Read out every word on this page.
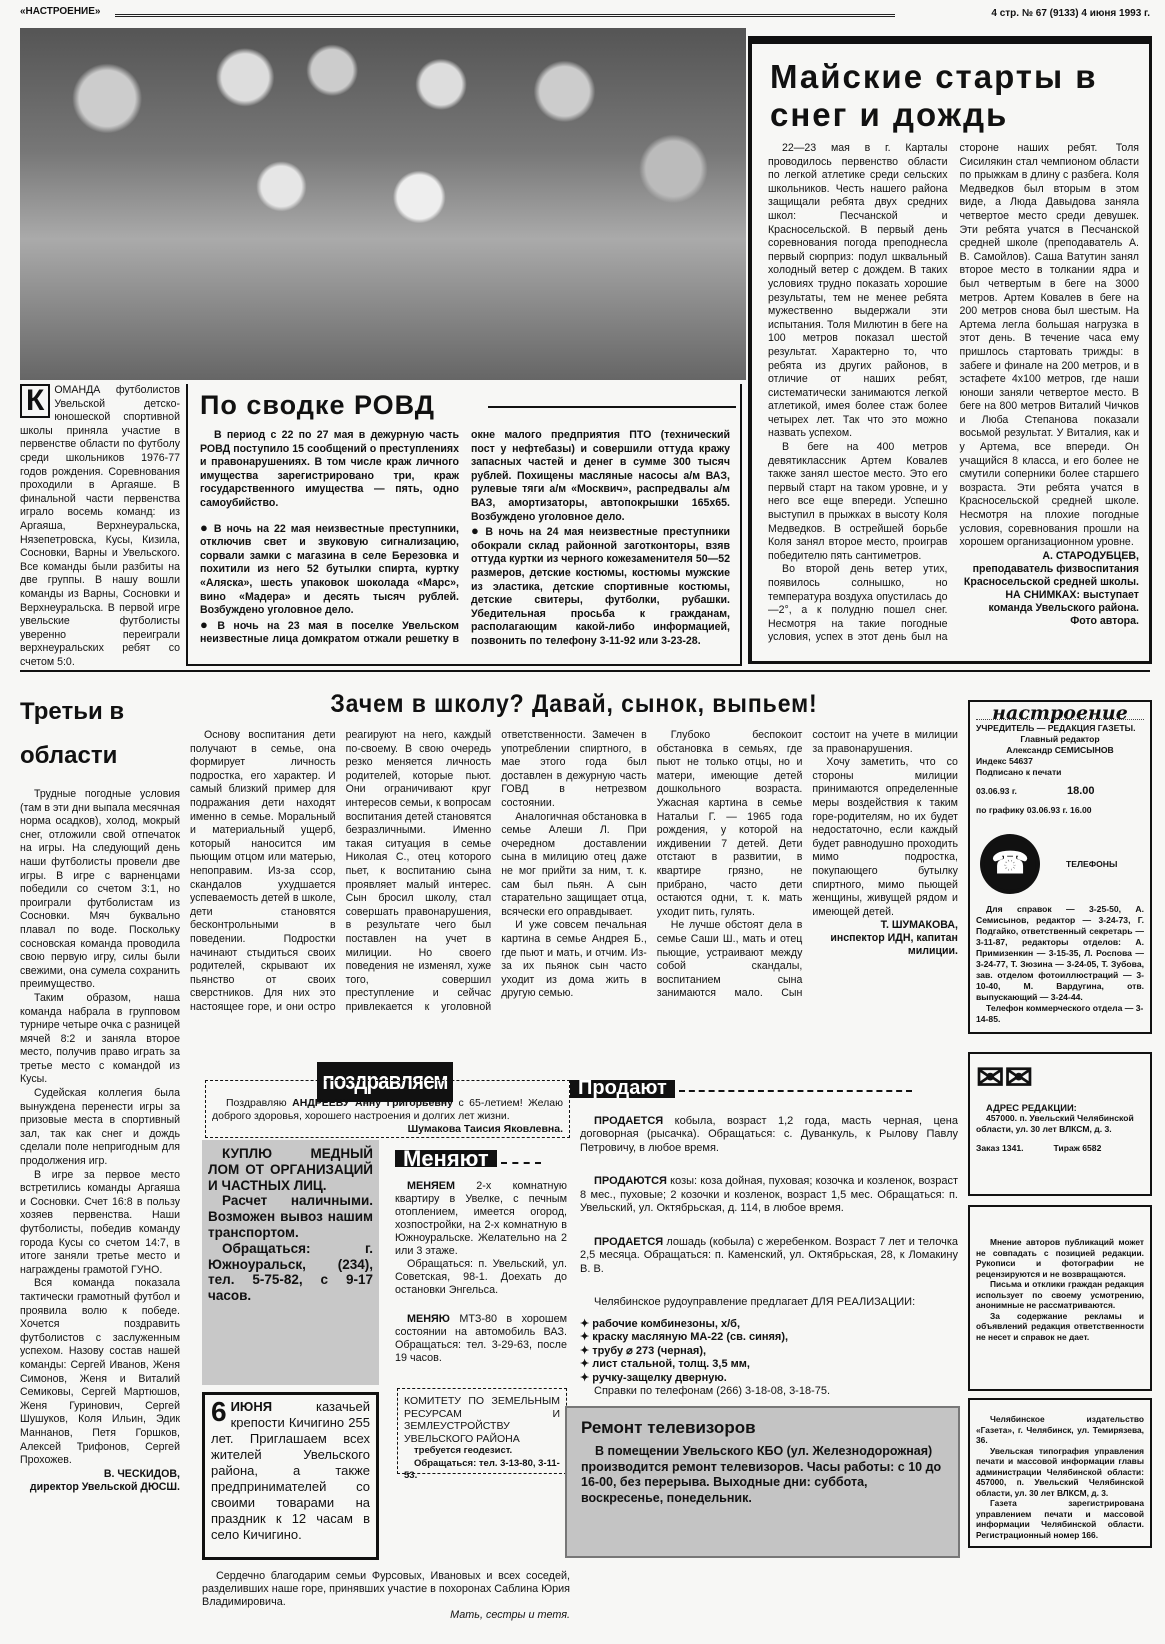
«НАСТРОЕНИЕ»	4 стр. № 67 (9133) 4 июня 1993 г.
Майские старты в снег и дождь

22—23 мая в г. Карталы проводилось первенство области по легкой атлетике среди сельских школьников. Честь нашего района защищали ребята двух средних школ: Песчанской и Красносельской. В первый день соревнования погода преподнесла первый сюрприз: подул шквальный холодный ветер с дождем. В таких условиях трудно показать хорошие результаты, тем не менее ребята мужественно выдержали эти испытания. Толя Милютин в беге на 100 метров показал шестой результат. Характерно то, что ребята из других районов, в отличие от наших ребят, систематически занимаются легкой атлетикой, имея более стаж более четырех лет. Так что это можно назвать успехом.

В беге на 400 метров девятиклассник Артем Ковалев также занял шестое место. Это его первый старт на таком уровне, и у него все еще впереди. Успешно выступил в прыжках в высоту Коля Медведков. В острейшей борьбе Коля занял второе место, проиграв победителю пять сантиметров.

Во второй день ветер утих, появилось солнышко, но температура воздуха опустилась до —2°, а к полудню пошел снег. Несмотря на такие погодные условия, успех в этот день был на стороне наших ребят. Толя Сисилякин стал чемпионом области по прыжкам в длину с разбега. Коля Медведков был вторым в этом виде, а Люда Давыдова заняла четвертое место среди девушек. Эти ребята учатся в Песчанской средней школе (преподаватель А. В. Самойлов). Саша Ватутин занял второе место в толкании ядра и был четвертым в беге на 3000 метров. Артем Ковалев в беге на 200 метров снова был шестым. На Артема легла большая нагрузка в этот день. В течение часа ему пришлось стартовать трижды: в забеге и финале на 200 метров, и в эстафете 4х100 метров, где наши юноши заняли четвертое место. В беге на 800 метров Виталий Чичков и Люба Степанова показали восьмой результат. У Виталия, как и у Артема, все впереди. Он учащийся 8 класса, и его более не смутили соперники более старшего возраста. Эти ребята учатся в Красносельской средней школе. Несмотря на плохие погодные условия, соревнования прошли на хорошем организационном уровне.

А. СТАРОДУБЦЕВ,
преподаватель физвоспитания Красносельской средней школы.
НА СНИМКАХ: выступает команда Увельского района. Фото автора.
К ОМАНДА футболистов Увельской детско-юношеской спортивной школы приняла участие в первенстве области по футболу среди школьников 1976-77 годов рождения. Соревнования проходили в Аргаяше. В финальной части первенства играло восемь команд: из Аргаяша, Верхнеуральска, Нязепетровска, Кусы, Кизила, Сосновки, Варны и Увельского. Все команды были разбиты на две группы. В нашу вошли команды из Варны, Сосновки и Верхнеуральска. В первой игре увельские футболисты уверенно переиграли верхнеуральских ребят со счетом 5:0.
По сводке РОВД

В период с 22 по 27 мая в дежурную часть РОВД поступило 15 сообщений о преступлениях и правонарушениях. В том числе краж личного имущества зарегистрировано три, краж государственного имущества — пять, одно самоубийство.

● В ночь на 22 мая неизвестные преступники, отключив свет и звуковую сигнализацию, сорвали замки с магазина в селе Березовка и похитили из него 52 бутылки спирта, куртку «Аляска», шесть упаковок шоколада «Марс», вино «Мадера» и десять тысяч рублей. Возбуждено уголовное дело.

● В ночь на 23 мая в поселке Увельском неизвестные лица домкратом отжали решетку в окне малого предприятия ПТО (технический пост у нефтебазы) и совершили оттуда кражу запасных частей и денег в сумме 300 тысяч рублей. Похищены масляные насосы а/м ВАЗ, рулевые тяги а/м «Москвич», распредвалы а/м ВАЗ, амортизаторы, автопокрышки 165х65. Возбуждено уголовное дело.

● В ночь на 24 мая неизвестные преступники обокрали склад районной заготконторы, взяв оттуда куртки из черного кожезаменителя 50—52 размеров, детские костюмы, костюмы мужские из эластика, детские спортивные костюмы, детские свитеры, футболки, рубашки. Убедительная просьба к гражданам, располагающим какой-либо информацией, позвонить по телефону 3-11-92 или 3-23-28.

Третьи в области

Трудные погодные условия (там в эти дни выпала месячная норма осадков), холод, мокрый снег, отложили свой отпечаток на игры. На следующий день наши футболисты провели две игры. В игре с варненцами победили со счетом 3:1, но проиграли футболистам из Сосновки. Мяч буквально плавал по воде. Поскольку сосновская команда проводила свою первую игру, силы были свежими, она сумела сохранить преимущество.

Таким образом, наша команда набрала в групповом турнире четыре очка с разницей мячей 8:2 и заняла второе место, получив право играть за третье место с командой из Кусы.

Судейская коллегия была вынуждена перенести игры за призовые места в спортивный зал, так как снег и дождь сделали поле непригодным для продолжения игр.

В игре за первое место встретились команды Аргаяша и Сосновки. Счет 16:8 в пользу хозяев первенства. Наши футболисты, победив команду города Кусы со счетом 14:7, в итоге заняли третье место и награждены грамотой ГУНО.

Вся команда показала тактически грамотный футбол и проявила волю к победе. Хочется поздравить футболистов с заслуженным успехом. Назову состав нашей команды: Сергей Иванов, Женя Симонов, Женя и Виталий Семиковы, Сергей Мартюшов, Женя Гуринович, Сергей Шушуков, Коля Ильин, Эдик Маннанов, Петя Горшков, Алексей Трифонов, Сергей Прохожев.

В. ЧЕСКИДОВ,
директор Увельской ДЮСШ.
Зачем в школу? Давай, сынок, выпьем!

Основу воспитания дети получают в семье, она формирует личность подростка, его характер. И самый близкий пример для подражания дети находят именно в семье. Моральный и материальный ущерб, который наносится им пьющим отцом или матерью, непоправим. Из-за ссор, скандалов ухудшается успеваемость детей в школе, дети становятся бесконтрольными в поведении. Подростки начинают стыдиться своих родителей, скрывают их пьянство от своих сверстников. Для них это настоящее горе, и они остро реагируют на него, каждый по-своему. В свою очередь резко меняется личность родителей, которые пьют. Они ограничивают круг интересов семьи, к вопросам воспитания детей становятся безразличными. Именно такая ситуация в семье Николая С., отец которого пьет, к воспитанию сына проявляет малый интерес. Сын бросил школу, стал совершать правонарушения, в результате чего был поставлен на учет в милиции. Но своего поведения не изменял, хуже того, совершил преступление и сейчас привлекается к уголовной ответственности. Замечен в употреблении спиртного, в мае этого года был доставлен в дежурную часть ГОВД в нетрезвом состоянии.

Аналогичная обстановка в семье Алеши Л. При очередном доставлении сына в милицию отец даже не мог прийти за ним, т. к. сам был пьян. А сын старательно защищает отца, всячески его оправдывает.

И уже совсем печальная картина в семье Андрея Б., где пьют и мать, и отчим. Из-за их пьянок сын часто уходит из дома жить в другую семью.

Глубоко беспокоит обстановка в семьях, где пьют не только отцы, но и матери, имеющие детей дошкольного возраста. Ужасная картина в семье Натальи Г. — 1965 года рождения, у которой на иждивении 7 детей. Дети отстают в развитии, в квартире грязно, не прибрано, часто дети остаются одни, т. к. мать уходит пить, гулять.

Не лучше обстоят дела в семье Саши Ш., мать и отец пьющие, устраивают между собой скандалы, воспитанием сына занимаются мало. Сын состоит на учете в милиции за правонарушения.

Хочу заметить, что со стороны милиции принимаются определенные меры воздействия к таким горе-родителям, но их будет недостаточно, если каждый будет равнодушно проходить мимо подростка, покупающего бутылку спиртного, мимо пьющей женщины, живущей рядом и имеющей детей.

Т. ШУМАКОВА,
инспектор ИДН, капитан милиции.
настроение
УЧРЕДИТЕЛЬ — РЕДАКЦИЯ ГАЗЕТЫ.
Главный редактор
Александр СЕМИСЫНОВ
Индекс 54637
Подписано к печати
03.06.93 г.	18.00
по графику 03.06.93 г. 16.00
☎	ТЕЛЕФОНЫ
Для справок — 3-25-50, А. Семисынов, редактор — 3-24-73, Г. Подгайко, ответственный секретарь — 3-11-87, редакторы отделов: А. Примизенкин — 3-15-35, Л. Роспова — 3-24-77, Т. Зюзина — 3-24-05, Т. Зубова, зав. отделом фотоиллюстраций — 3-10-40, М. Вардугина, отв. выпускающий — 3-24-44.
Телефон коммерческого отдела — 3-14-85.
✉✉
АДРЕС РЕДАКЦИИ:
457000. п. Увельский Челябинской области, ул. 30 лет ВЛКСМ, д. 3.
Заказ 1341.	Тираж 6582

Мнение авторов публикаций может не совпадать с позицией редакции. Рукописи и фотографии не рецензируются и не возвращаются.

Письма и отклики граждан редакция использует по своему усмотрению, анонимные не рассматриваются.

За содержание рекламы и объявлений редакция ответственности не несет и справок не дает.

Челябинское издательство «Газета», г. Челябинск, ул. Темирязева, 36.

Увельская типография управления печати и массовой информации главы администрации Челябинской области: 457000, п. Увельский Челябинской области, ул. 30 лет ВЛКСМ, д. 3.

Газета зарегистрирована управлением печати и массовой информации Челябинской области. Регистрационный номер 166.

поздравляем
Поздравляю АНДРЕЕВУ Анну Григорьевну с 65-летием! Желаю доброго здоровья, хорошего настроения и долгих лет жизни.
Шумакова Таисия Яковлевна.
Продают

ПРОДАЕТСЯ кобыла, возраст 1,2 года, масть черная, цена договорная (рысачка). Обращаться: с. Дуванкуль, к Рылову Павлу Петровичу, в любое время.

ПРОДАЮТСЯ козы: коза дойная, пуховая; козочка и козленок, возраст 8 мес., пуховые; 2 козочки и козленок, возраст 1,5 мес. Обращаться: п. Увельский, ул. Октябрьская, д. 114, в любое время.

ПРОДАЕТСЯ лошадь (кобыла) с жеребенком. Возраст 7 лет и телочка 2,5 месяца. Обращаться: п. Каменский, ул. Октябрьская, 28, к Ломакину В. В.

Челябинское рудоуправление предлагает ДЛЯ РЕАЛИЗАЦИИ:

✦ рабочие комбинезоны, х/б,
✦ краску масляную МА-22 (св. синяя),
✦ трубу ⌀ 273 (черная),
✦ лист стальной, толщ. 3,5 мм,
✦ ручку-защелку дверную.
Справки по телефонам (266) 3-18-08, 3-18-75.
КУПЛЮ МЕДНЫЙ ЛОМ ОТ ОРГАНИЗАЦИЙ И ЧАСТНЫХ ЛИЦ.
Расчет наличными. Возможен вывоз нашим транспортом.
Обращаться: г. Южноуральск, (234), тел. 5-75-82, с 9-17 часов.
Меняют

МЕНЯЕМ 2-х комнатную квартиру в Увелке, с печным отоплением, имеется огород, хозпостройки, на 2-х комнатную в Южноуральске. Желательно на 2 или 3 этаже.

Обращаться: п. Увельский, ул. Советская, 98-1. Доехать до остановки Энгельса.

МЕНЯЮ МТЗ-80 в хорошем состоянии на автомобиль ВАЗ. Обращаться: тел. 3-29-63, после 19 часов.

6 ИЮНЯ казачьей крепости Кичигино 255 лет. Приглашаем всех жителей Увельского района, а также предпринимателей со своими товарами на праздник к 12 часам в село Кичигино.
КОМИТЕТУ ПО ЗЕМЕЛЬНЫМ РЕСУРСАМ И ЗЕМЛЕУСТРОЙСТВУ УВЕЛЬСКОГО РАЙОНА
требуется геодезист.
Обращаться: тел. 3-13-80, 3-11-53.
Сердечно благодарим семьи Фурсовых, Ивановых и всех соседей, разделивших наше горе, принявших участие в похоронах Саблина Юрия Владимировича.
Мать, сестры и тетя.
Ремонт телевизоров

В помещении Увельского КБО (ул. Железнодорожная) производится ремонт телевизоров. Часы работы: с 10 до 16-00, без перерыва. Выходные дни: суббота, воскресенье, понедельник.
